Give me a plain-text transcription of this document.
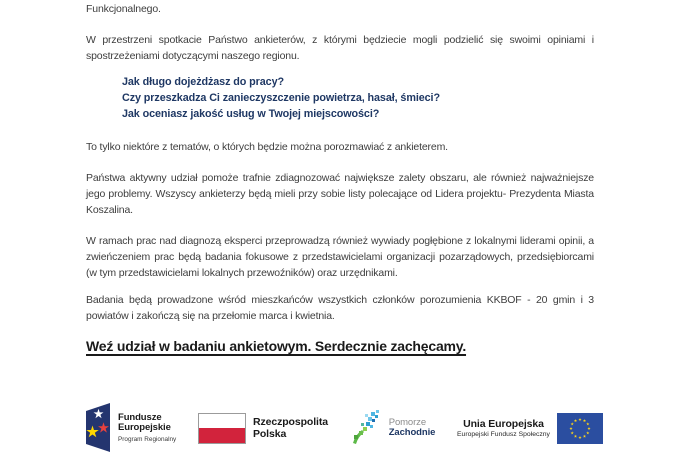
Funkcjonalnego.

W przestrzeni spotkacie Państwo ankieterów, z którymi będziecie mogli podzielić się swoimi opiniami i spostrzeżeniami dotyczącymi naszego regionu.

Jak długo dojeżdżasz do pracy?
Czy przeszkadza Ci zanieczyszczenie powietrza, hasał, śmieci?
Jak oceniasz jakość usług w Twojej miejscowości?

To tylko niektóre z tematów, o których będzie można porozmawiać z ankieterem.

Państwa aktywny udział pomoże trafnie zdiagnozować największe zalety obszaru, ale również najważniejsze jego problemy. Wszyscy ankieterzy będą mieli przy sobie listy polecające od Lidera projektu- Prezydenta Miasta Koszalina.

W ramach prac nad diagnozą eksperci przeprowadzą również wywiady pogłębione z lokalnymi liderami opinii, a zwieńczeniem prac będą badania fokusowe z przedstawicielami organizacji pozarządowych, przedsiębiorcami (w tym przedstawicielami lokalnych przewoźników) oraz urzędnikami.

Badania będą prowadzone wśród mieszkańców wszystkich członków porozumienia KKBOF - 20 gmin i 3 powiatów i zakończą się na przełomie marca i kwietnia.

Weź udział w badaniu ankietowym. Serdecznie zachęcamy.

Fundusze
Europejskie
Program Regionalny
Rzeczpospolita
Polska
Pomorze
Zachodnie
Unia Europejska
Europejski Fundusz Społeczny
